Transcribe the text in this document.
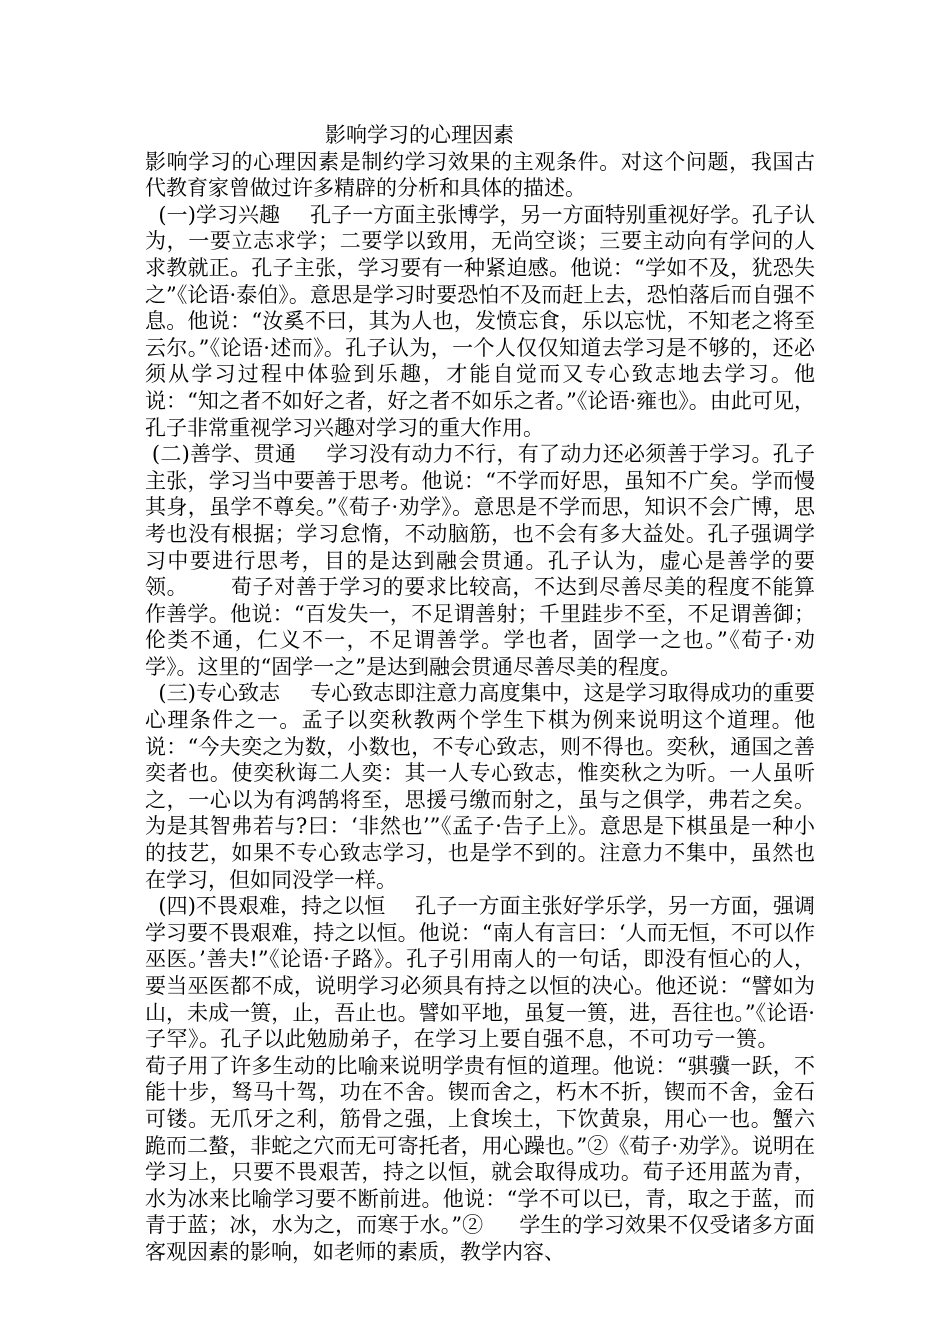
影响学习的心理因素

影响学习的心理因素是制约学习效果的主观条件。对这个问题，我国古代教育家曾做过许多精辟的分析和具体的描述。

(一)学习兴趣 孔子一方面主张博学，另一方面特别重视好学。孔子认为，一要立志求学；二要学以致用，无尚空谈；三要主动向有学问的人求教就正。孔子主张，学习要有一种紧迫感。他说：“学如不及，犹恐失之”《论语·泰伯》。意思是学习时要恐怕不及而赶上去，恐怕落后而自强不息。他说：“汝奚不曰，其为人也，发愤忘食，乐以忘忧，不知老之将至云尔。”《论语·述而》。孔子认为，一个人仅仅知道去学习是不够的，还必须从学习过程中体验到乐趣，才能自觉而又专心致志地去学习。他说：“知之者不如好之者，好之者不如乐之者。”《论语·雍也》。由此可见，孔子非常重视学习兴趣对学习的重大作用。

(二)善学、贯通 学习没有动力不行，有了动力还必须善于学习。孔子主张，学习当中要善于思考。他说：“不学而好思，虽知不广矣。学而慢其身，虽学不尊矣。”《荀子·劝学》。意思是不学而思，知识不会广博，思考也没有根据；学习怠惰，不动脑筋，也不会有多大益处。孔子强调学习中要进行思考，目的是达到融会贯通。孔子认为，虚心是善学的要领。 荀子对善于学习的要求比较高，不达到尽善尽美的程度不能算作善学。他说：“百发失一，不足谓善射；千里跬步不至，不足谓善御；伦类不通，仁义不一，不足谓善学。学也者，固学一之也。”《荀子·劝学》。这里的“固学一之”是达到融会贯通尽善尽美的程度。

(三)专心致志 专心致志即注意力高度集中，这是学习取得成功的重要心理条件之一。孟子以奕秋教两个学生下棋为例来说明这个道理。他说：“今夫奕之为数，小数也，不专心致志，则不得也。奕秋，通国之善奕者也。使奕秋诲二人奕：其一人专心致志，惟奕秋之为听。一人虽听之，一心以为有鸿鹄将至，思援弓缴而射之，虽与之俱学，弗若之矣。为是其智弗若与?曰：‘非然也’”《孟子·告子上》。意思是下棋虽是一种小的技艺，如果不专心致志学习，也是学不到的。注意力不集中，虽然也在学习，但如同没学一样。

(四)不畏艰难，持之以恒 孔子一方面主张好学乐学，另一方面，强调学习要不畏艰难，持之以恒。他说：“南人有言曰：‘人而无恒，不可以作巫医。’善夫!”《论语·子路》。孔子引用南人的一句话，即没有恒心的人，要当巫医都不成，说明学习必须具有持之以恒的决心。他还说：“譬如为山，未成一篑，止，吾止也。譬如平地，虽复一篑，进，吾往也。”《论语·子罕》。孔子以此勉励弟子，在学习上要自强不息，不可功亏一篑。荀子用了许多生动的比喻来说明学贵有恒的道理。他说：“骐骥一跃，不能十步，驽马十驾，功在不舍。锲而舍之，朽木不折，锲而不舍，金石可镂。无爪牙之利，筋骨之强，上食埃土，下饮黄泉，用心一也。蟹六跪而二螯，非蛇之穴而无可寄托者，用心躁也。”②《荀子·劝学》。说明在学习上，只要不畏艰苦，持之以恒，就会取得成功。荀子还用蓝为青，水为冰来比喻学习要不断前进。他说：“学不可以已，青，取之于蓝，而青于蓝；冰，水为之，而寒于水。”② 学生的学习效果不仅受诸多方面客观因素的影响，如老师的素质，教学内容、
